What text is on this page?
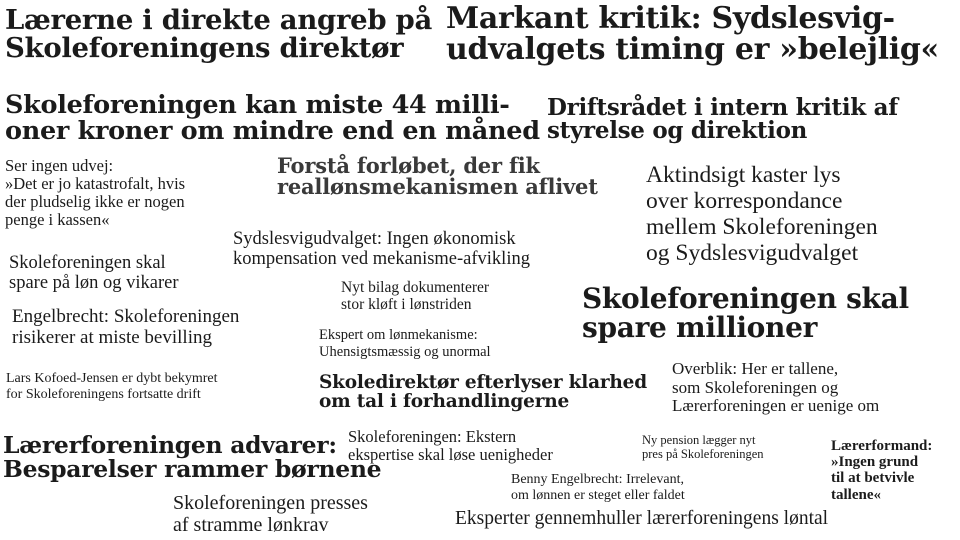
Lærerne i direkte angreb på
Skoleforeningens direktør
Markant kritik: Sydslesvig-
udvalgets timing er »belejlig«
Skoleforeningen kan miste 44 milli-
oner kroner om mindre end en måned
Driftsrådet i intern kritik af
styrelse og direktion
Ser ingen udvej:
»Det er jo katastrofalt, hvis
der pludselig ikke er nogen
penge i kassen«
Forstå forløbet, der fik
reallønsmekanismen aflivet Aktindsigt kaster lys
over korrespondance
mellem Skoleforeningen
og Sydslesvigudvalget
Sydslesvigudvalget: Ingen økonomisk
kompensation ved mekanisme-afvikling
Skoleforeningen skal
spare på løn og vikarer	Nyt bilag dokumenterer
stor kløft i lønstriden	Skoleforeningen skal
spare millioner
Engelbrecht: Skoleforeningen
risikerer at miste bevilling	Ekspert om lønmekanisme:
Uhensigtsmæssig og unormal
Overblik: Her er tallene,
som Skoleforeningen og
Lærerforeningen er uenige om
Lars Kofoed-Jensen er dybt bekymret
for Skoleforeningens fortsatte drift
Skoledirektør efterlyser klarhed
om tal i forhandlingerne
Lærerforeningen advarer:
Besparelser rammer børnene
Skoleforeningen: Ekstern
ekspertise skal løse uenigheder
Ny pension lægger nyt
pres på Skoleforeningen
Lærerformand:
»Ingen grund
til at betvivle
tallene«
Benny Engelbrecht: Irrelevant,
om lønnen er steget eller faldet
Skoleforeningen presses
af stramme lønkrav	Eksperter gennemhuller lærerforeningens løntal
